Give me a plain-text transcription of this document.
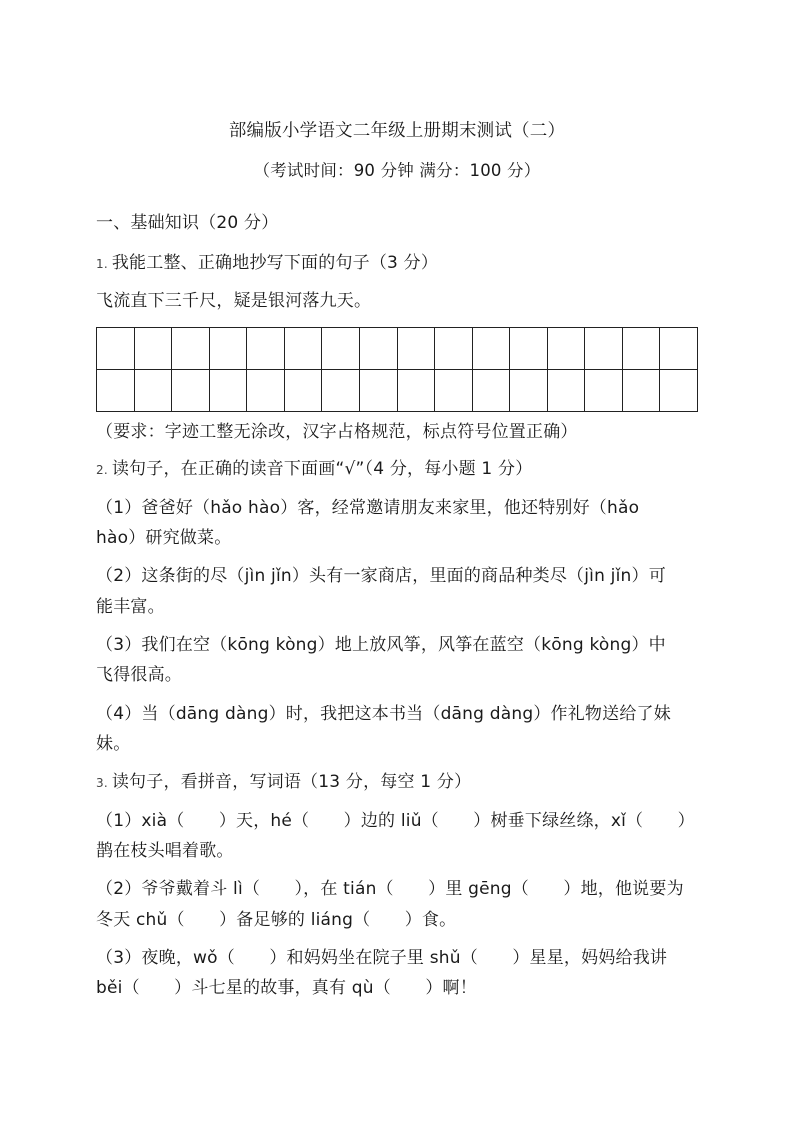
部编版小学语文二年级上册期末测试（二）
（考试时间：90 分钟 满分：100 分）
一、基础知识（20 分）
1. 我能工整、正确地抄写下面的句子（3 分）
飞流直下三千尺，疑是银河落九天。

（要求：字迹工整无涂改，汉字占格规范，标点符号位置正确）
2. 读句子，在正确的读音下面画“√”（4 分，每小题 1 分）
（1）爸爸好（hǎo hào）客，经常邀请朋友来家里，他还特别好（hǎo
hào）研究做菜。
（2）这条街的尽（jìn jǐn）头有一家商店，里面的商品种类尽（jìn jǐn）可
能丰富。
（3）我们在空（kōng kòng）地上放风筝，风筝在蓝空（kōng kòng）中
飞得很高。
（4）当（dāng dàng）时，我把这本书当（dāng dàng）作礼物送给了妹
妹。
3. 读句子，看拼音，写词语（13 分，每空 1 分）
（1）xià（　　）天，hé（　　）边的 liǔ（　　）树垂下绿丝绦，xǐ（　　）
鹊在枝头唱着歌。
（2）爷爷戴着斗 lì（　　），在 tián（　　）里 gēng（　　）地，他说要为
冬天 chǔ（　　）备足够的 liáng（　　）食。
（3）夜晚，wǒ（　　）和妈妈坐在院子里 shǔ（　　）星星，妈妈给我讲
běi（　　）斗七星的故事，真有 qù（　　）啊！
